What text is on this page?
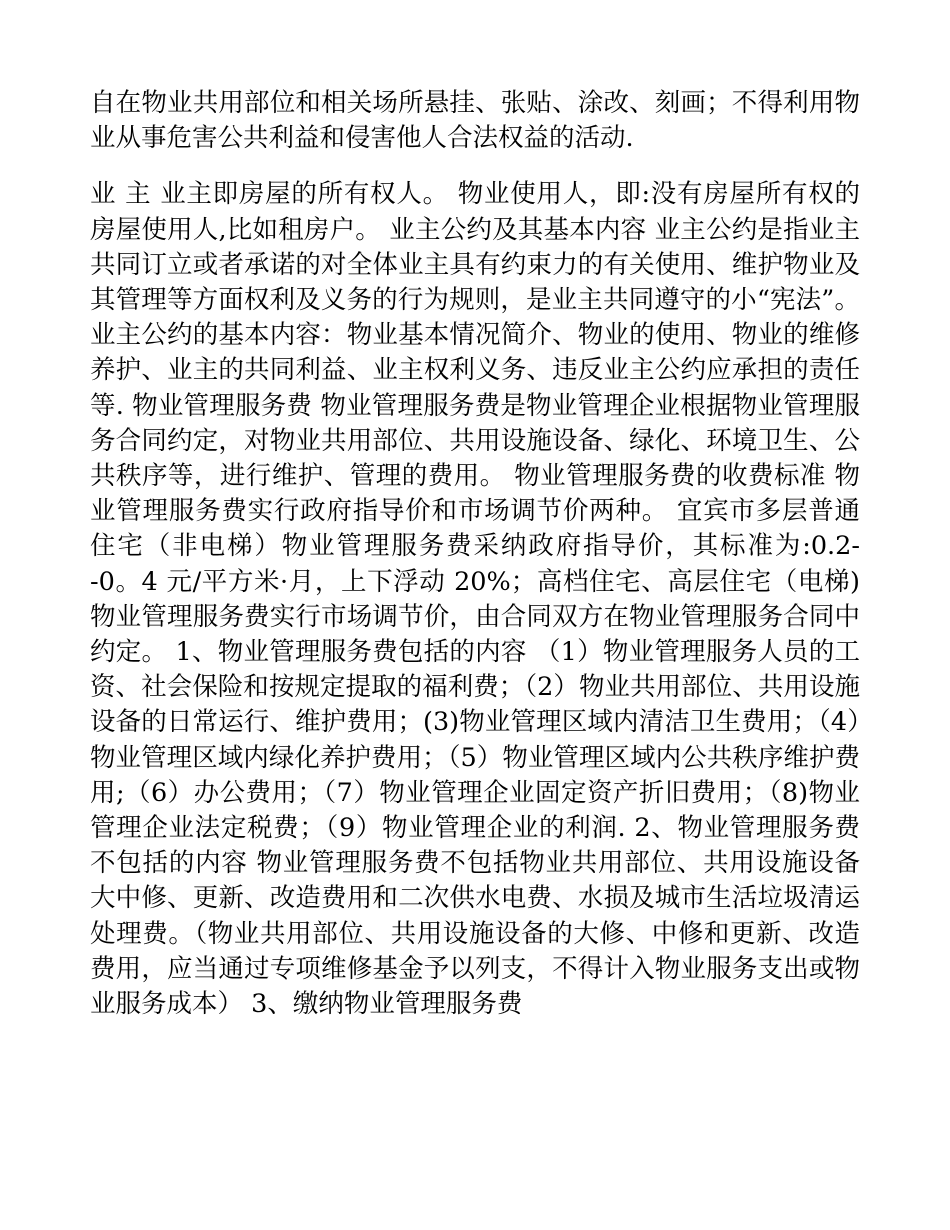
自在物业共用部位和相关场所悬挂、张贴、涂改、刻画；不得利用物业从事危害公共利益和侵害他人合法权益的活动.

业 主 业主即房屋的所有权人。 物业使用人，即:没有房屋所有权的房屋使用人,比如租房户。 业主公约及其基本内容 业主公约是指业主共同订立或者承诺的对全体业主具有约束力的有关使用、维护物业及其管理等方面权利及义务的行为规则，是业主共同遵守的小“宪法”。 业主公约的基本内容：物业基本情况简介、物业的使用、物业的维修养护、业主的共同利益、业主权利义务、违反业主公约应承担的责任等. 物业管理服务费 物业管理服务费是物业管理企业根据物业管理服务合同约定，对物业共用部位、共用设施设备、绿化、环境卫生、公共秩序等，进行维护、管理的费用。 物业管理服务费的收费标准 物业管理服务费实行政府指导价和市场调节价两种。 宜宾市多层普通住宅（非电梯）物业管理服务费采纳政府指导价，其标准为:0.2--0。4 元/平方米·月，上下浮动 20%；高档住宅、高层住宅（电梯)物业管理服务费实行市场调节价，由合同双方在物业管理服务合同中约定。 1、物业管理服务费包括的内容 （1）物业管理服务人员的工资、社会保险和按规定提取的福利费；（2）物业共用部位、共用设施设备的日常运行、维护费用；(3)物业管理区域内清洁卫生费用；（4）物业管理区域内绿化养护费用；（5）物业管理区域内公共秩序维护费用;（6）办公费用；（7）物业管理企业固定资产折旧费用；（8)物业管理企业法定税费；（9）物业管理企业的利润. 2、物业管理服务费不包括的内容 物业管理服务费不包括物业共用部位、共用设施设备大中修、更新、改造费用和二次供水电费、水损及城市生活垃圾清运处理费。（物业共用部位、共用设施设备的大修、中修和更新、改造费用，应当通过专项维修基金予以列支，不得计入物业服务支出或物业服务成本） 3、缴纳物业管理服务费
